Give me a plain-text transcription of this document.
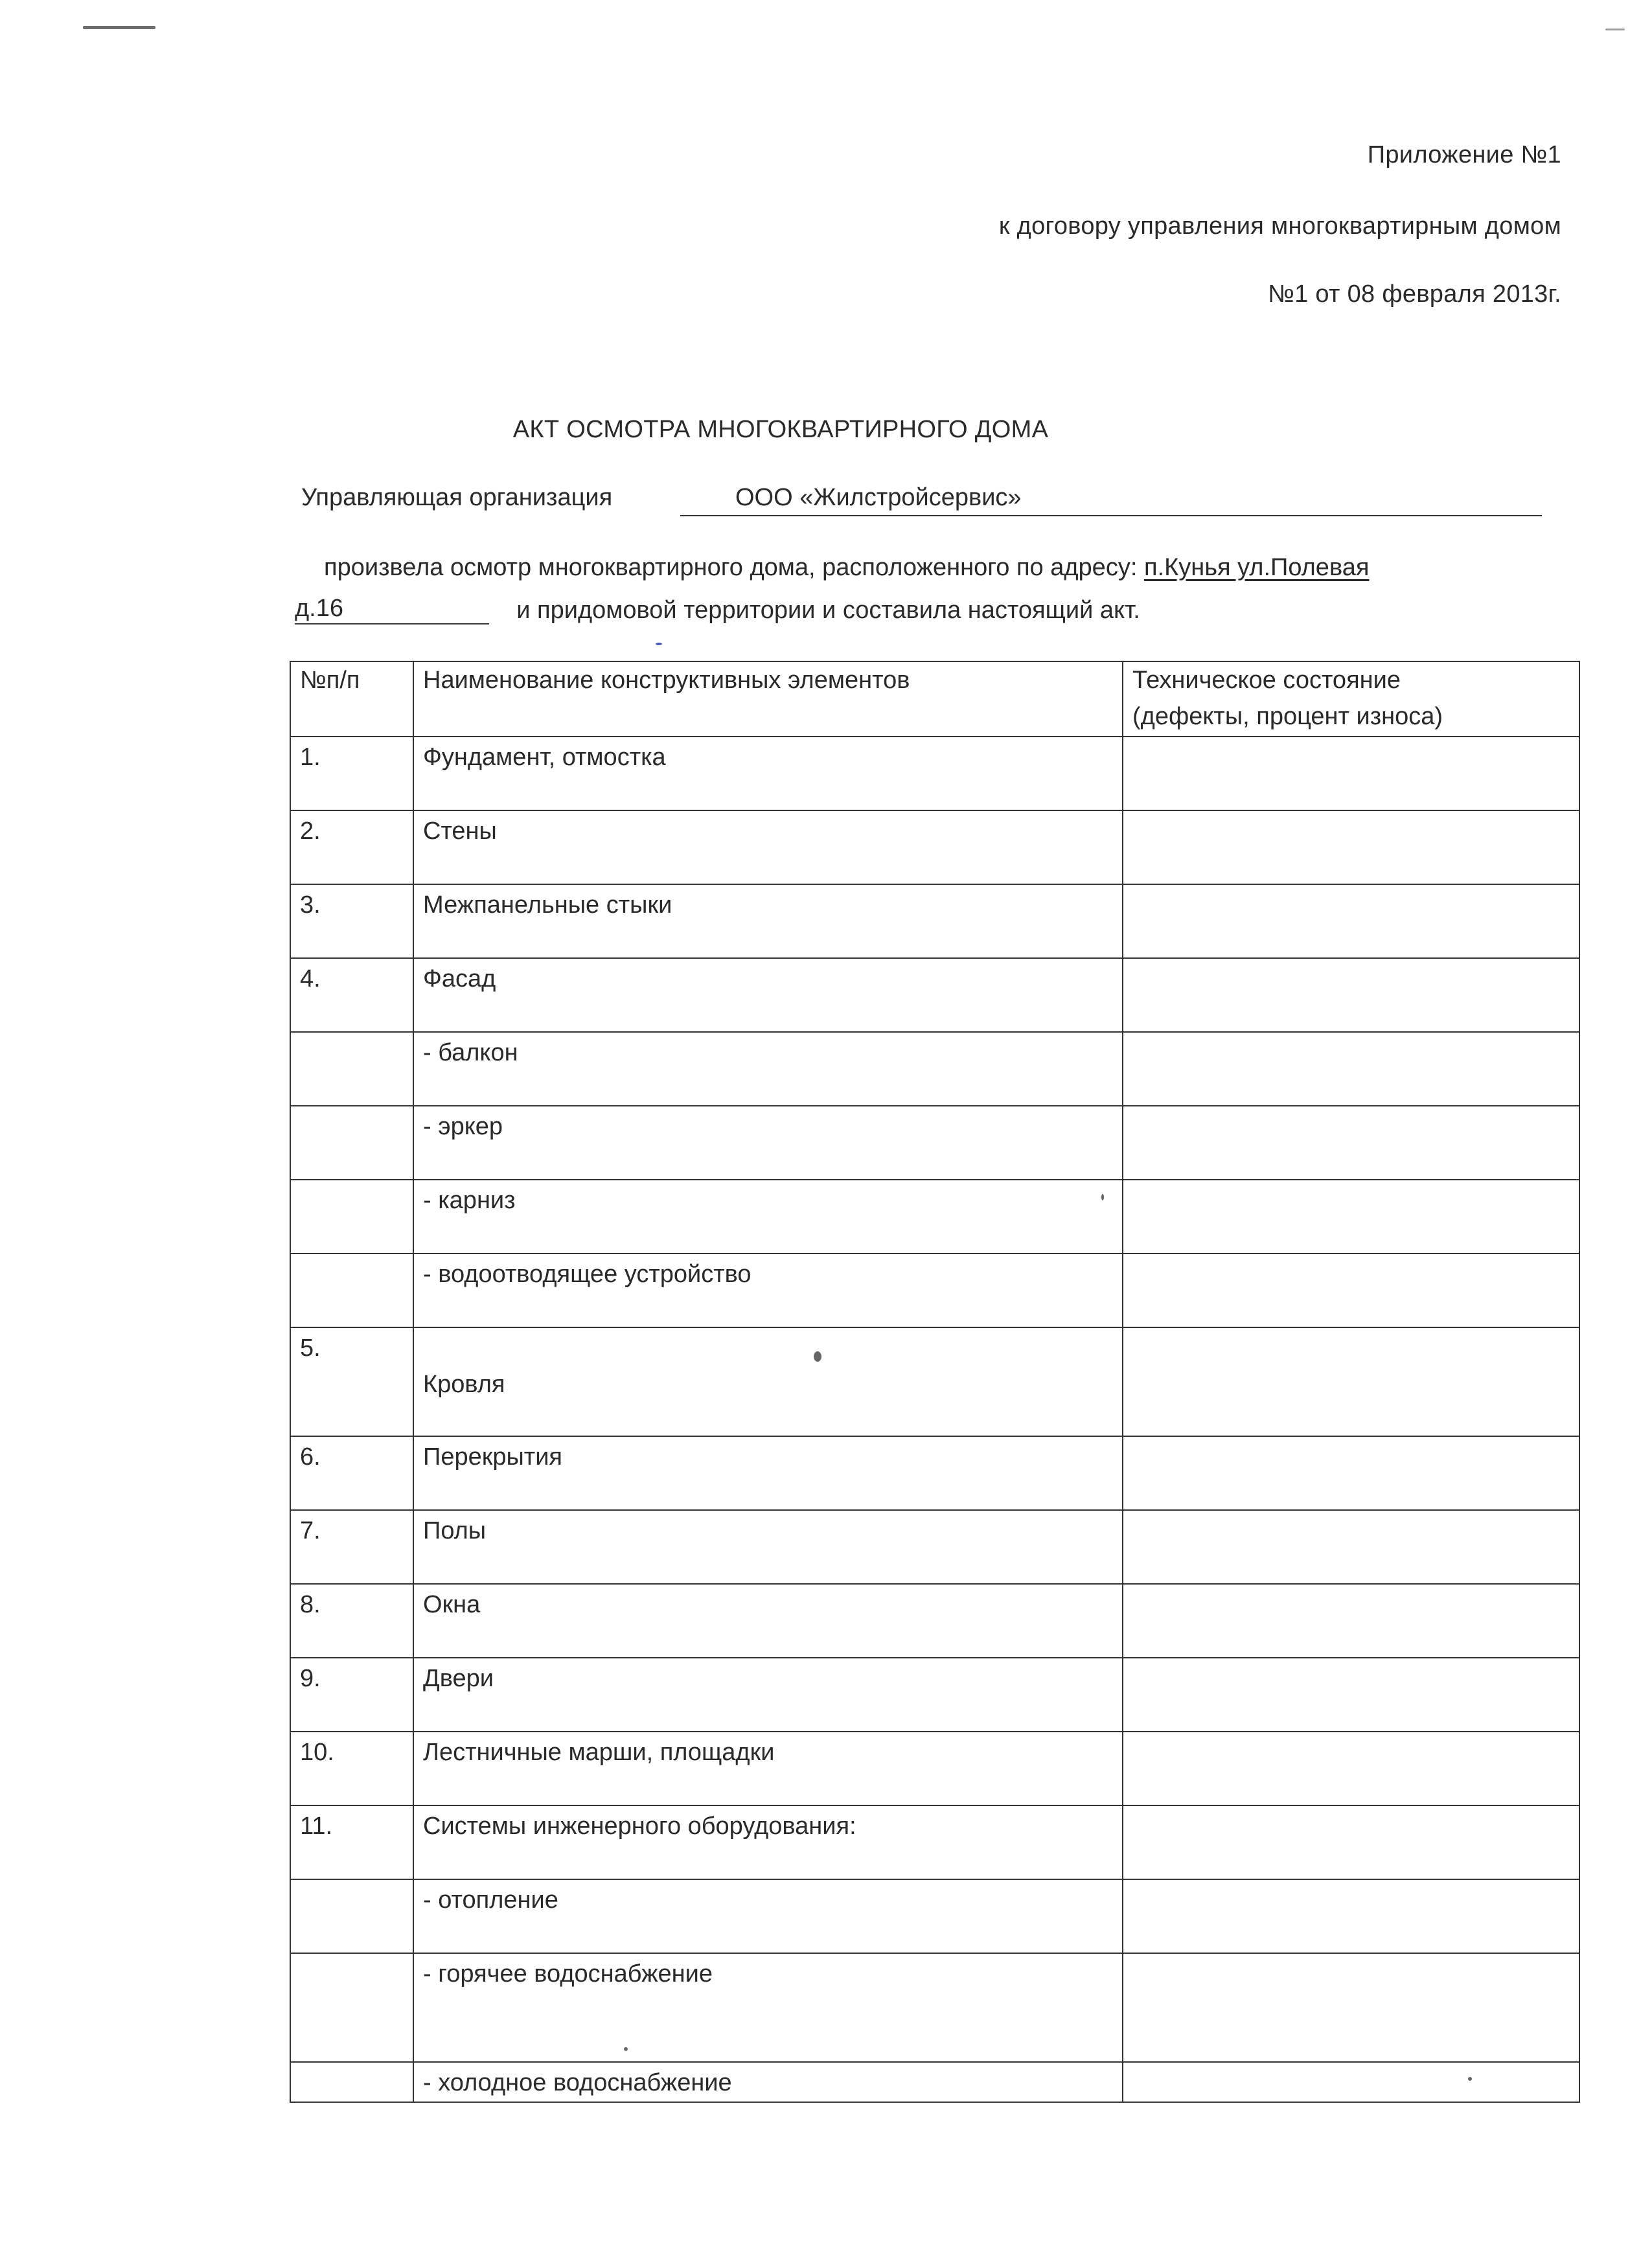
Приложение №1
к договору управления многоквартирным домом
№1 от 08 февраля 2013г.
АКТ ОСМОТРА МНОГОКВАРТИРНОГО ДОМА
Управляющая организация	ООО «Жилстройсервис»
произвела осмотр многоквартирного дома, расположенного по адресу: п.Кунья ул.Полевая
д.16	и придомовой территории и составила настоящий акт.
№п/п	Наименование конструктивных элементов	Техническое состояние
(дефекты, процент износа)

1.	Фундамент, отмостка	
2.	Стены	
3.	Межпанельные стыки	
4.	Фасад	
	- балкон	
	- эркер	
	- карниз	
	- водоотводящее устройство	
5.	Кровля	
6.	Перекрытия	
7.	Полы	
8.	Окна	
9.	Двери	
10.	Лестничные марши, площадки	
11.	Системы инженерного оборудования:	
	- отопление	
	- горячее водоснабжение	
	- холодное водоснабжение	
